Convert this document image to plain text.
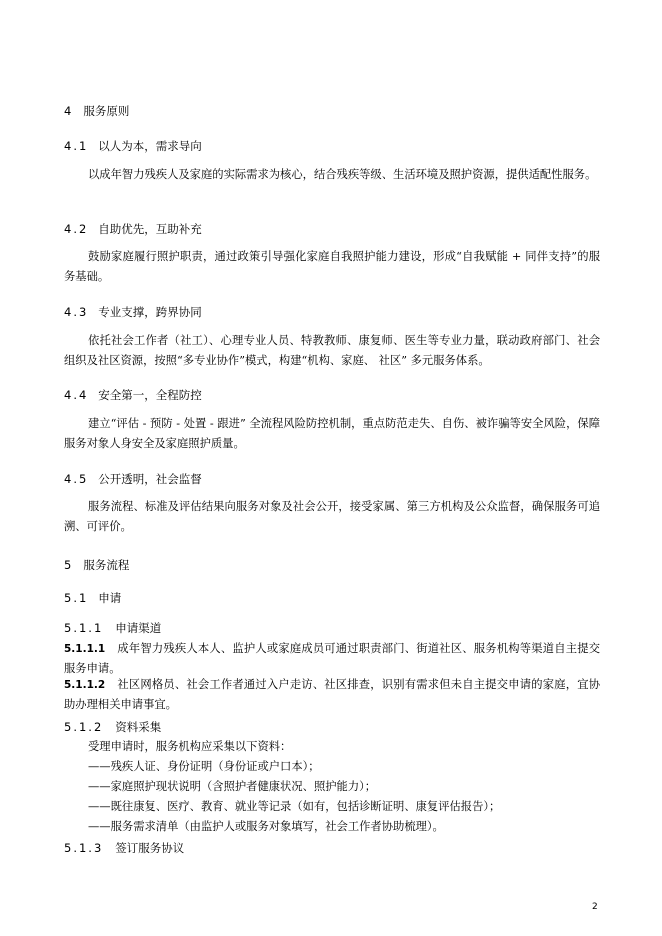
4 服务原则
4.1 以人为本，需求导向
以成年智力残疾人及家庭的实际需求为核心，结合残疾等级、生活环境及照护资源，提供适配性服务。
4.2 自助优先，互助补充
鼓励家庭履行照护职责，通过政策引导强化家庭自我照护能力建设，形成“自我赋能 + 同伴支持”的服务基础。
4.3 专业支撑，跨界协同
依托社会工作者（社工）、心理专业人员、特教教师、康复师、医生等专业力量，联动政府部门、社会组织及社区资源，按照“多专业协作”模式，构建“机构、家庭、 社区” 多元服务体系。
4.4 安全第一，全程防控
建立“评估 - 预防 - 处置 - 跟进” 全流程风险防控机制，重点防范走失、自伤、被诈骗等安全风险，保障服务对象人身安全及家庭照护质量。
4.5 公开透明，社会监督
服务流程、标准及评估结果向服务对象及社会公开，接受家属、第三方机构及公众监督，确保服务可追溯、可评价。
5 服务流程
5.1 申请
5.1.1 申请渠道
5.1.1.1 成年智力残疾人本人、监护人或家庭成员可通过职责部门、街道社区、服务机构等渠道自主提交服务申请。
5.1.1.2 社区网格员、社会工作者通过入户走访、社区排查，识别有需求但未自主提交申请的家庭，宜协助办理相关申请事宜。
5.1.2 资料采集
受理申请时，服务机构应采集以下资料：
——残疾人证、身份证明（身份证或户口本）；
——家庭照护现状说明（含照护者健康状况、照护能力）；
——既往康复、医疗、教育、就业等记录（如有，包括诊断证明、康复评估报告）；
——服务需求清单（由监护人或服务对象填写，社会工作者协助梳理）。
5.1.3 签订服务协议
2
